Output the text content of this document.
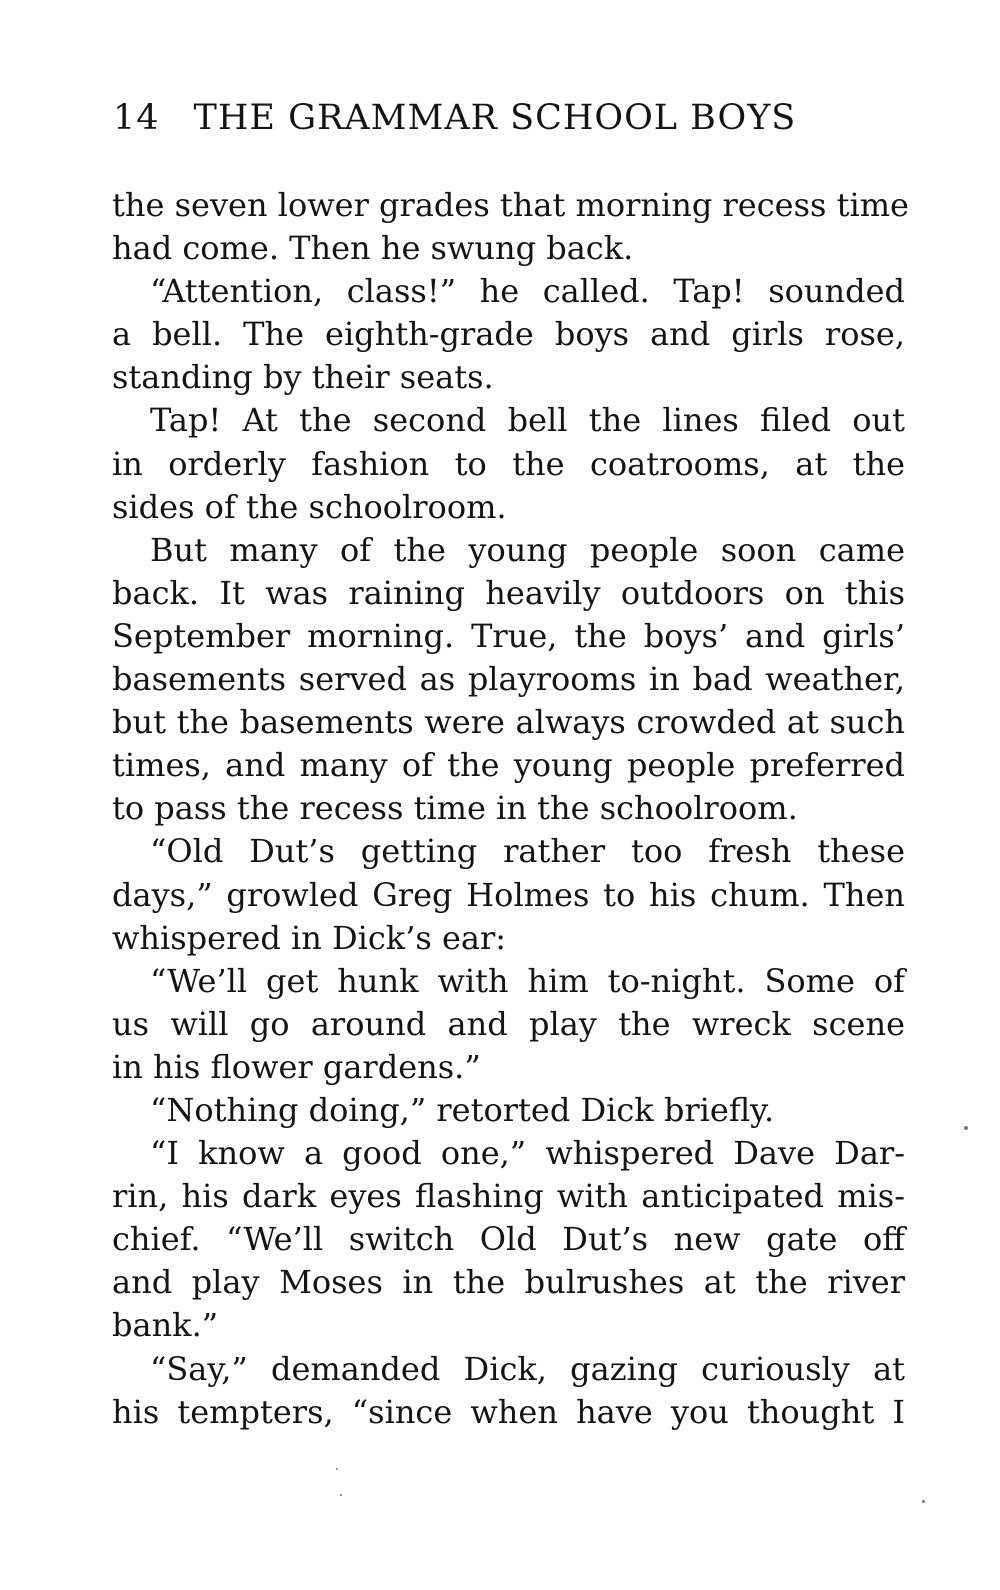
14 THE GRAMMAR SCHOOL BOYS
the seven lower grades that morning recess time
had come. Then he swung back.
“Attention, class!” he called. Tap! sounded
a bell. The eighth-grade boys and girls rose,
standing by their seats.
Tap! At the second bell the lines filed out
in orderly fashion to the coatrooms, at the
sides of the schoolroom.
But many of the young people soon came
back. It was raining heavily outdoors on this
September morning. True, the boys’ and girls’
basements served as playrooms in bad weather,
but the basements were always crowded at such
times, and many of the young people preferred
to pass the recess time in the schoolroom.
“Old Dut’s getting rather too fresh these
days,” growled Greg Holmes to his chum. Then
whispered in Dick’s ear:
“We’ll get hunk with him to-night. Some of
us will go around and play the wreck scene
in his flower gardens.”
“Nothing doing,” retorted Dick briefly.
“I know a good one,” whispered Dave Dar-
rin, his dark eyes flashing with anticipated mis-
chief. “We’ll switch Old Dut’s new gate off
and play Moses in the bulrushes at the river
bank.”
“Say,” demanded Dick, gazing curiously at
his tempters, “since when have you thought I
